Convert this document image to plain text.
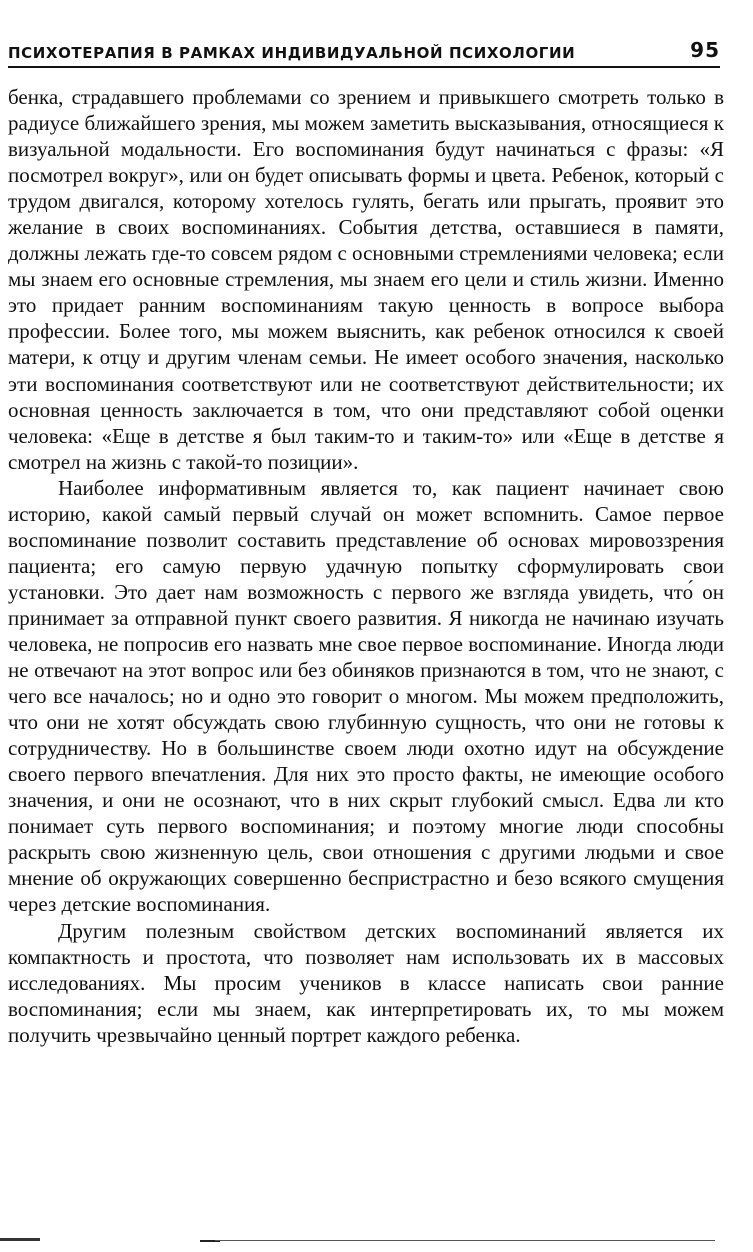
ПСИХОТЕРАПИЯ В РАМКАХ ИНДИВИДУАЛЬНОЙ ПСИХОЛОГИИ	95

бенка, страдавшего проблемами со зрением и привыкшего смотреть только в радиусе ближайшего зрения, мы можем заметить высказывания, относящиеся к визуальной модальности. Его воспоминания будут начинаться с фразы: «Я посмотрел вокруг», или он будет описывать формы и цвета. Ребенок, который с трудом двигался, которому хотелось гулять, бегать или прыгать, проявит это желание в своих воспоминаниях. События детства, оставшиеся в памяти, должны лежать где-то совсем рядом с основными стремлениями человека; если мы знаем его основные стремления, мы знаем его цели и стиль жизни. Именно это придает ранним воспоминаниям такую ценность в вопросе выбора профессии. Более того, мы можем выяснить, как ребенок относился к своей матери, к отцу и другим членам семьи. Не имеет особого значения, насколько эти воспоминания соответствуют или не соответствуют действительности; их основная ценность заключается в том, что они представляют собой оценки человека: «Еще в детстве я был таким-то и таким-то» или «Еще в детстве я смотрел на жизнь с такой-то позиции».

Наиболее информативным является то, как пациент начинает свою историю, какой самый первый случай он может вспомнить. Самое первое воспоминание позволит составить представление об основах мировоззрения пациента; его самую первую удачную попытку сформулировать свои установки. Это дает нам возможность с первого же взгляда увидеть, что́ он принимает за отправной пункт своего развития. Я никогда не начинаю изучать человека, не попросив его назвать мне свое первое воспоминание. Иногда люди не отвечают на этот вопрос или без обиняков признаются в том, что не знают, с чего все началось; но и одно это говорит о многом. Мы можем предположить, что они не хотят обсуждать свою глубинную сущность, что они не готовы к сотрудничеству. Но в большинстве своем люди охотно идут на обсуждение своего первого впечатления. Для них это просто факты, не имеющие особого значения, и они не осознают, что в них скрыт глубокий смысл. Едва ли кто понимает суть первого воспоминания; и поэтому многие люди способны раскрыть свою жизненную цель, свои отношения с другими людьми и свое мнение об окружающих совершенно беспристрастно и безо всякого смущения через детские воспоминания.

Другим полезным свойством детских воспоминаний является их компактность и простота, что позволяет нам использовать их в массовых исследованиях. Мы просим учеников в классе написать свои ранние воспоминания; если мы знаем, как интерпретировать их, то мы можем получить чрезвычайно ценный портрет каждого ребенка.
